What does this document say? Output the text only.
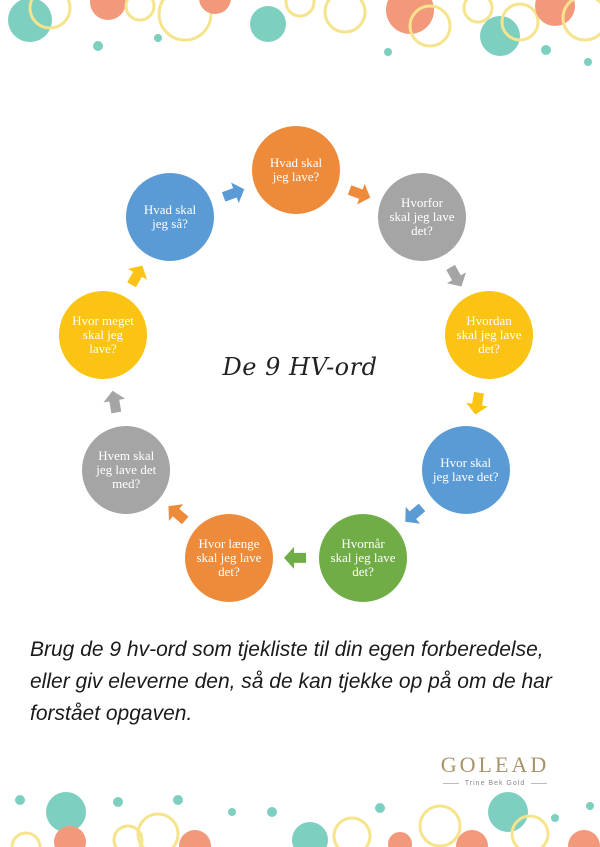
Hvad skal jeg lave?
Hvorfor skal jeg lave det?
Hvordan skal jeg lave det?
Hvor skal jeg lave det?
Hvornår skal jeg lave det?
Hvor længe skal jeg lave det?
Hvem skal jeg lave det med?
Hvor meget skal jeg lave?
Hvad skal jeg så?
De 9 HV-ord

Brug de 9 hv-ord som tjekliste til din egen forberedelse, eller giv eleverne den, så de kan tjekke op på om de har forstået opgaven.

GOLEAD
Trine Bek Gold
